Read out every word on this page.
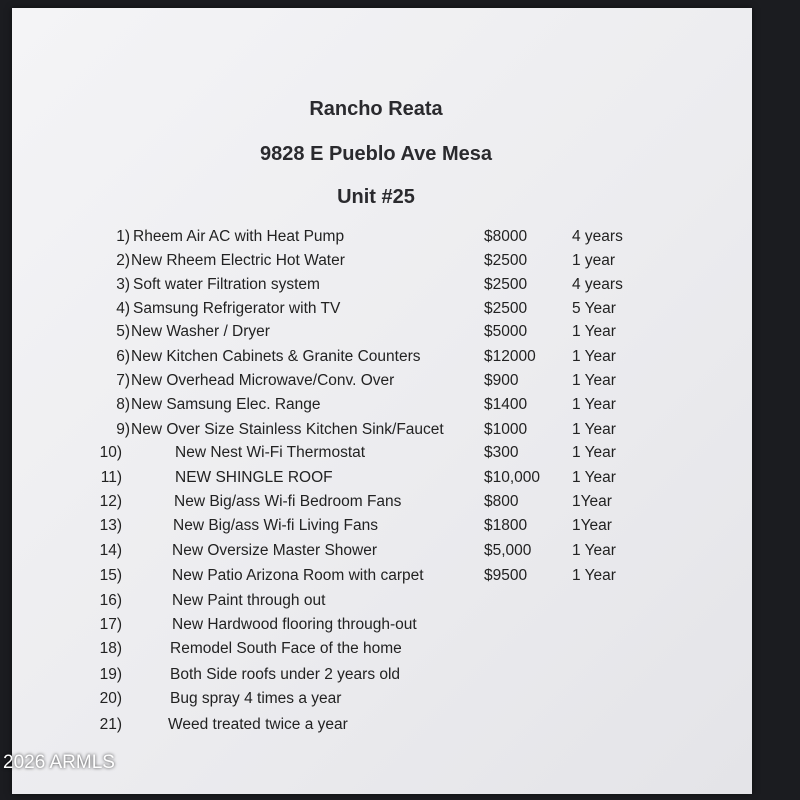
Rancho Reata
9828 E Pueblo Ave Mesa
Unit #25
1) Rheem Air AC with Heat Pump	$8000	4 years
2) New Rheem Electric Hot Water	$2500	1 year
3) Soft water Filtration system	$2500	4 years
4) Samsung Refrigerator with TV	$2500	5 Year
5) New Washer / Dryer	$5000	1 Year
6) New Kitchen Cabinets & Granite Counters	$12000 1 Year
7) New Overhead Microwave/Conv. Over	$900	1 Year
8) New Samsung Elec. Range	$1400	1 Year
9) New Over Size Stainless Kitchen Sink/Faucet	$1000	1 Year
10)	New Nest Wi-Fi Thermostat	$300	1 Year
11)	NEW SHINGLE ROOF	$10,000 1 Year
12)	New Big/ass Wi-fi Bedroom Fans	$800	1Year
13)	New Big/ass Wi-fi Living Fans	$1800	1Year
14)	New Oversize Master Shower	$5,000	1 Year
15)	New Patio Arizona Room with carpet	$9500	1 Year
16)	New Paint through out
17)	New Hardwood flooring through-out
18)	Remodel South Face of the home
19)	Both Side roofs under 2 years old
20)	Bug spray 4 times a year
21)	Weed treated twice a year
2026 ARMLS
